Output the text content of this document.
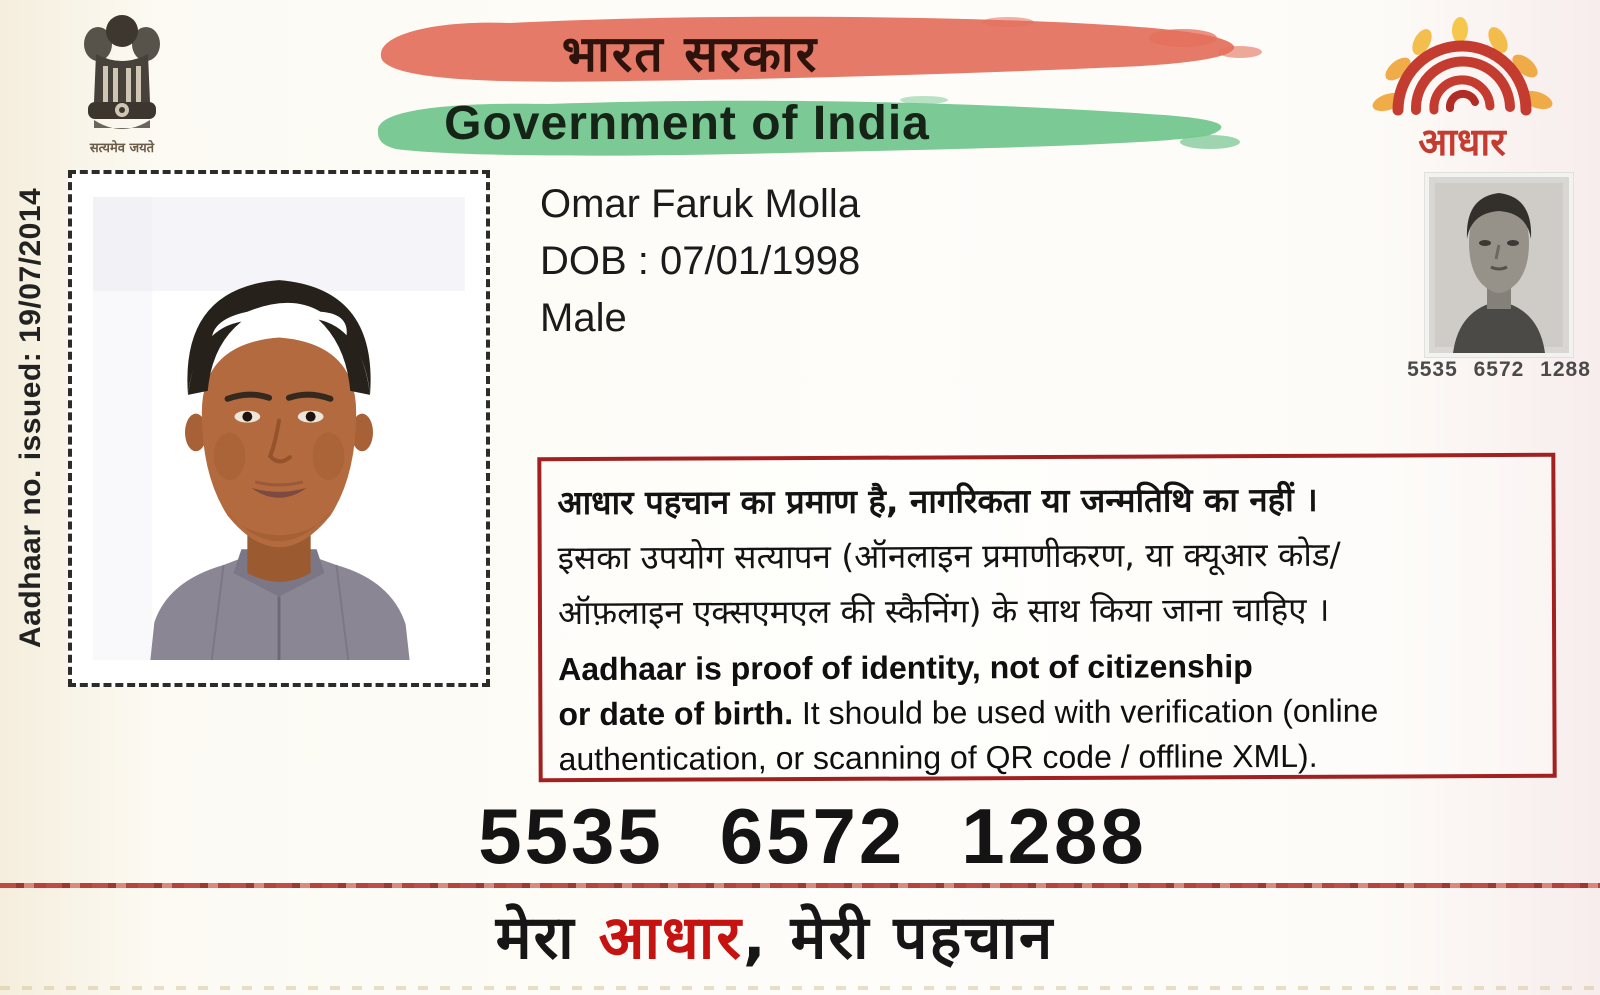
सत्यमेव जयते
भारत सरकार
Government of India	आधार
Aadhaar no. issued: 19/07/2014	Omar Faruk Molla
DOB : 07/01/1998
Male
5535 6572 1288
आधार पहचान का प्रमाण है, नागरिकता या जन्मतिथि का नहीं ।
इसका उपयोग सत्यापन (ऑनलाइन प्रमाणीकरण, या क्यूआर कोड/
ऑफ़लाइन एक्सएमएल की स्कैनिंग) के साथ किया जाना चाहिए ।
Aadhaar is proof of identity, not of citizenship
or date of birth. It should be used with verification (online
authentication, or scanning of QR code / offline XML).
5535 6572 1288
मेरा आधार, मेरी पहचान
